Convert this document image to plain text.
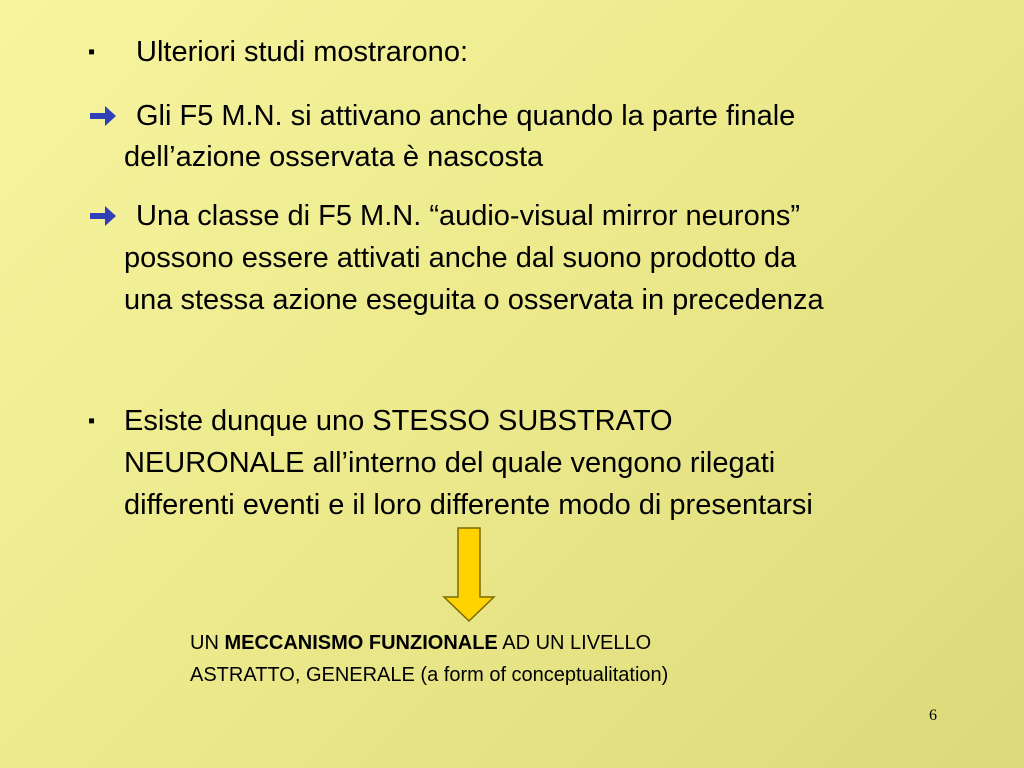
▪ Ulteriori studi mostrarono:

Gli F5 M.N. si attivano anche quando la parte finale

dell’azione osservata è nascosta

Una classe di F5 M.N. “audio-visual mirror neurons”

possono essere attivati anche dal suono prodotto da

una stessa azione eseguita o osservata in precedenza

▪ Esiste dunque uno STESSO SUBSTRATO

NEURONALE all’interno del quale vengono rilegati

differenti eventi e il loro differente modo di presentarsi

UN MECCANISMO FUNZIONALE AD UN LIVELLO

ASTRATTO, GENERALE (a form of conceptualitation)

6
